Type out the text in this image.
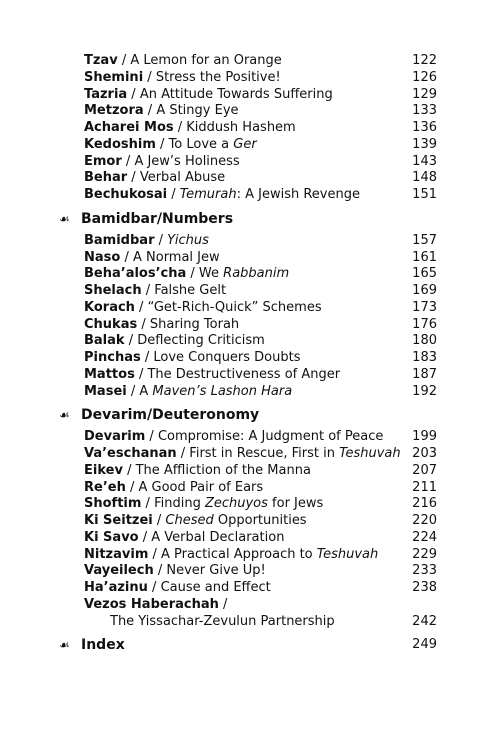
Tzav / A Lemon for an Orange	122
Shemini / Stress the Positive!	126
Tazria / An Attitude Towards Suffering	129
Metzora / A Stingy Eye	133
Acharei Mos / Kiddush Hashem	136
Kedoshim / To Love a Ger	139
Emor / A Jew’s Holiness	143
Behar / Verbal Abuse	148
Bechukosai / Temurah: A Jewish Revenge	151
☙ Bamidbar/Numbers
Bamidbar / Yichus	157
Naso / A Normal Jew	161
Beha’alos’cha / We Rabbanim	165
Shelach / Falshe Gelt	169
Korach / “Get-Rich-Quick” Schemes	173
Chukas / Sharing Torah	176
Balak / Deflecting Criticism	180
Pinchas / Love Conquers Doubts	183
Mattos / The Destructiveness of Anger	187
Masei / A Maven’s Lashon Hara	192
☙ Devarim/Deuteronomy
Devarim / Compromise: A Judgment of Peace 199
Va’eschanan / First in Rescue, First in Teshuvah 203
Eikev / The Affliction of the Manna	207
Re’eh / A Good Pair of Ears	211
Shoftim / Finding Zechuyos for Jews	216
Ki Seitzei / Chesed Opportunities	220
Ki Savo / A Verbal Declaration	224
Nitzavim / A Practical Approach to Teshuvah	229
Vayeilech / Never Give Up!	233
Ha’azinu / Cause and Effect	238
Vezos Haberachah /
The Yissachar-Zevulun Partnership	242
☙ Index	249
